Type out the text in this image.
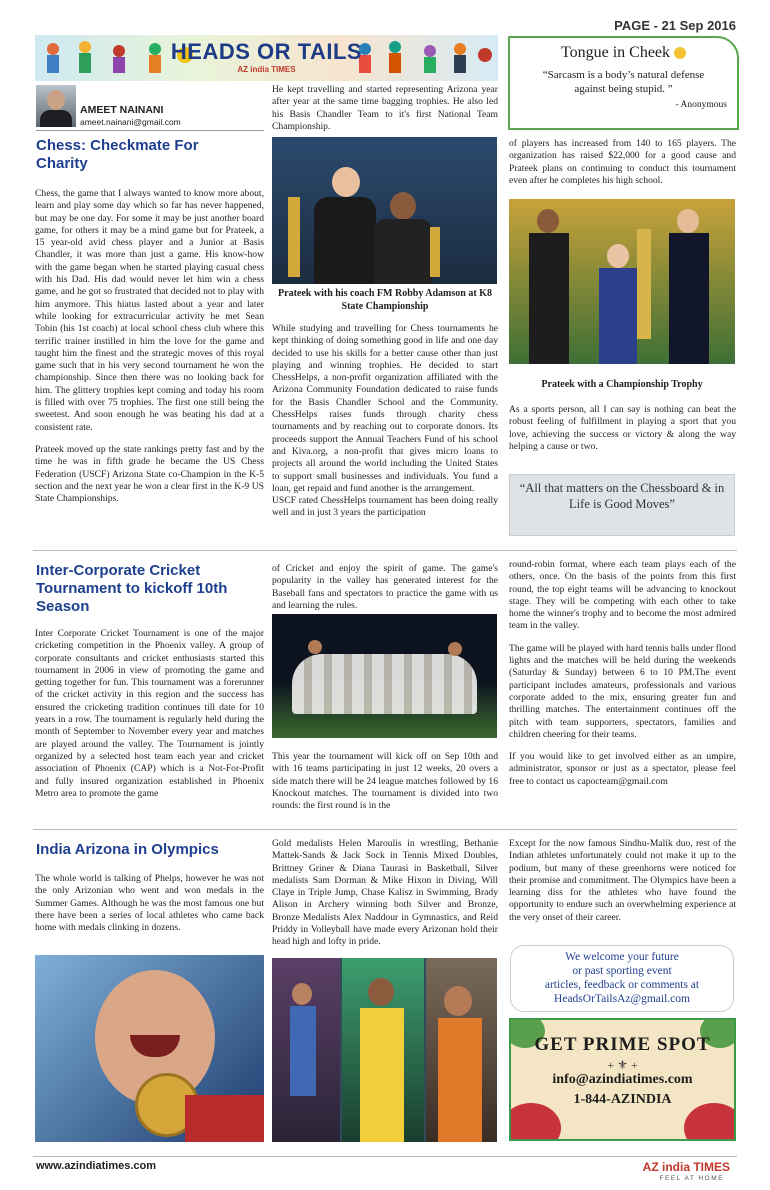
PAGE - 21 Sep 2016
HEADS OR TAILS
AZ india TIMES
Tongue in Cheek
“Sarcasm is a body’s natural defense against being stupid. ”
- Anonymous
AMEET NAINANI
ameet.nainani@gmail.com
Chess: Checkmate For Charity

Chess, the game that I always wanted to know more about, learn and play some day which so far has never happened, but may be one day. For some it may be just another board game, for others it may be a mind game but for Prateek, a 15 year-old avid chess player and a Junior at Basis Chandler, it was more than just a game. His know-how with the game began when he started playing casual chess with his Dad. His dad would never let him win a chess game, and he got so frustrated that decided not to play with him anymore. This hiatus lasted about a year and later while looking for extracurricular activity he met Sean Tobin (his 1st coach) at local school chess club where this terrific trainer instilled in him the love for the game and taught him the finest and the strategic moves of this royal game such that in his very second tournament he won the championship. Since then there was no looking back for him. The glittery trophies kept coming and today his room is filled with over 75 trophies. The first one still being the sweetest. And soon enough he was beating his dad at a consistent rate.

Prateek moved up the state rankings pretty fast and by the time he was in fifth grade he became the US Chess Federation (USCF) Arizona State co-Champion in the K-5 section and the next year he won a clear first in the K-9 US State Championships.

He kept travelling and started representing Arizona year after year at the same time bagging trophies. He also led his Basis Chandler Team to it's first National Team Championship.
Prateek with his coach FM Robby Adamson at K8 State Championship

While studying and travelling for Chess tournaments he kept thinking of doing something good in life and one day decided to use his skills for a better cause other than just playing and winning trophies. He decided to start ChessHelps, a non-profit organization affiliated with the Arizona Community Foundation dedicated to raise funds for the Basis Chandler School and the Community. ChessHelps raises funds through charity chess tournaments and by reaching out to corporate donors. Its proceeds support the Annual Teachers Fund of his school and Kiva.org, a non-profit that gives micro loans to projects all around the world including the United States to support small businesses and individuals. You fund a loan, get repaid and fund another is the arrangement.

USCF rated ChessHelps tournament has been doing really well and in just 3 years the participation

of players has increased from 140 to 165 players. The organization has raised $22,000 for a good cause and Prateek plans on continuing to conduct this tournament even after he completes his high school.
Prateek with a Championship Trophy
As a sports person, all I can say is nothing can beat the robust feeling of fulfillment in playing a sport that you love, achieving the success or victory & along the way helping a cause or two.
“All that matters on the Chessboard & in Life is Good Moves”
Inter-Corporate Cricket Tournament to kickoff 10th Season
Inter Corporate Cricket Tournament is one of the major cricketing competition in the Phoenix valley. A group of corporate consultants and cricket enthusiasts started this tournament in 2006 in view of promoting the game and getting together for fun. This tournament was a forerunner of the cricket activity in this region and the success has ensured the cricketing tradition continues till date for 10 years in a row. The tournament is regularly held during the month of September to November every year and matches are played around the valley. The Tournament is jointly organized by a selected host team each year and cricket association of Phoenix (CAP) which is a Not-For-Profit and fully insured organization established in Phoenix Metro area to promote the game
of Cricket and enjoy the spirit of game. The game's popularity in the valley has generated interest for the Baseball fans and spectators to practice the game with us and learning the rules.
This year the tournament will kick off on Sep 10th and with 16 teams participating in just 12 weeks, 20 overs a side match there will be 24 league matches followed by 16 Knockout matches. The tournament is divided into two rounds: the first round is in the

round-robin format, where each team plays each of the others, once. On the basis of the points from this first round, the top eight teams will be advancing to knockout stage. They will be competing with each other to take home the winner's trophy and to become the most admired team in the valley.

The game will be played with hard tennis balls under flood lights and the matches will be held during the weekends (Saturday & Sunday) between 6 to 10 PM.The event participant includes amateurs, professionals and various corporate added to the mix, ensuring greater fun and thrilling matches. The entertainment continues off the pitch with team supporters, spectators, families and children cheering for their teams.

If you would like to get involved either as an umpire, administrator, sponsor or just as a spectator, please feel free to contact us capocteam@gmail.com

India Arizona in Olympics
The whole world is talking of Phelps, however he was not the only Arizonian who went and won medals in the Summer Games. Although he was the most famous one but there have been a series of local athletes who came back home with medals clinking in dozens.
Gold medalists Helen Maroulis in wrestling, Bethanie Mattek-Sands & Jack Sock in Tennis Mixed Doubles, Brittney Griner & Diana Taurasi in Basketball, Silver medalists Sam Dorman & Mike Hixon in Diving, Will Claye in Triple Jump, Chase Kalisz in Swimming, Brady Alison in Archery winning both Silver and Bronze, Bronze Medalists Alex Naddour in Gymnastics, and Reid Priddy in Volleyball have made every Arizonan hold their head high and lofty in pride.
Except for the now famous Sindhu-Malik duo, rest of the Indian athletes unfortunately could not make it up to the podium, but many of these greenhorns were noticed for their promise and commitment. The Olympics have been a learning diss for the athletes who have found the opportunity to endure such an overwhelming experience at the very onset of their career.
We welcome your future
or past sporting event
articles, feedback or comments at
HeadsOrTailsAz@gmail.com
GET PRIME SPOT
+ ⚜ +
info@azindiatimes.com
1-844-AZINDIA
www.azindiatimes.com	AZ india TIMES
FEEL AT HOME
